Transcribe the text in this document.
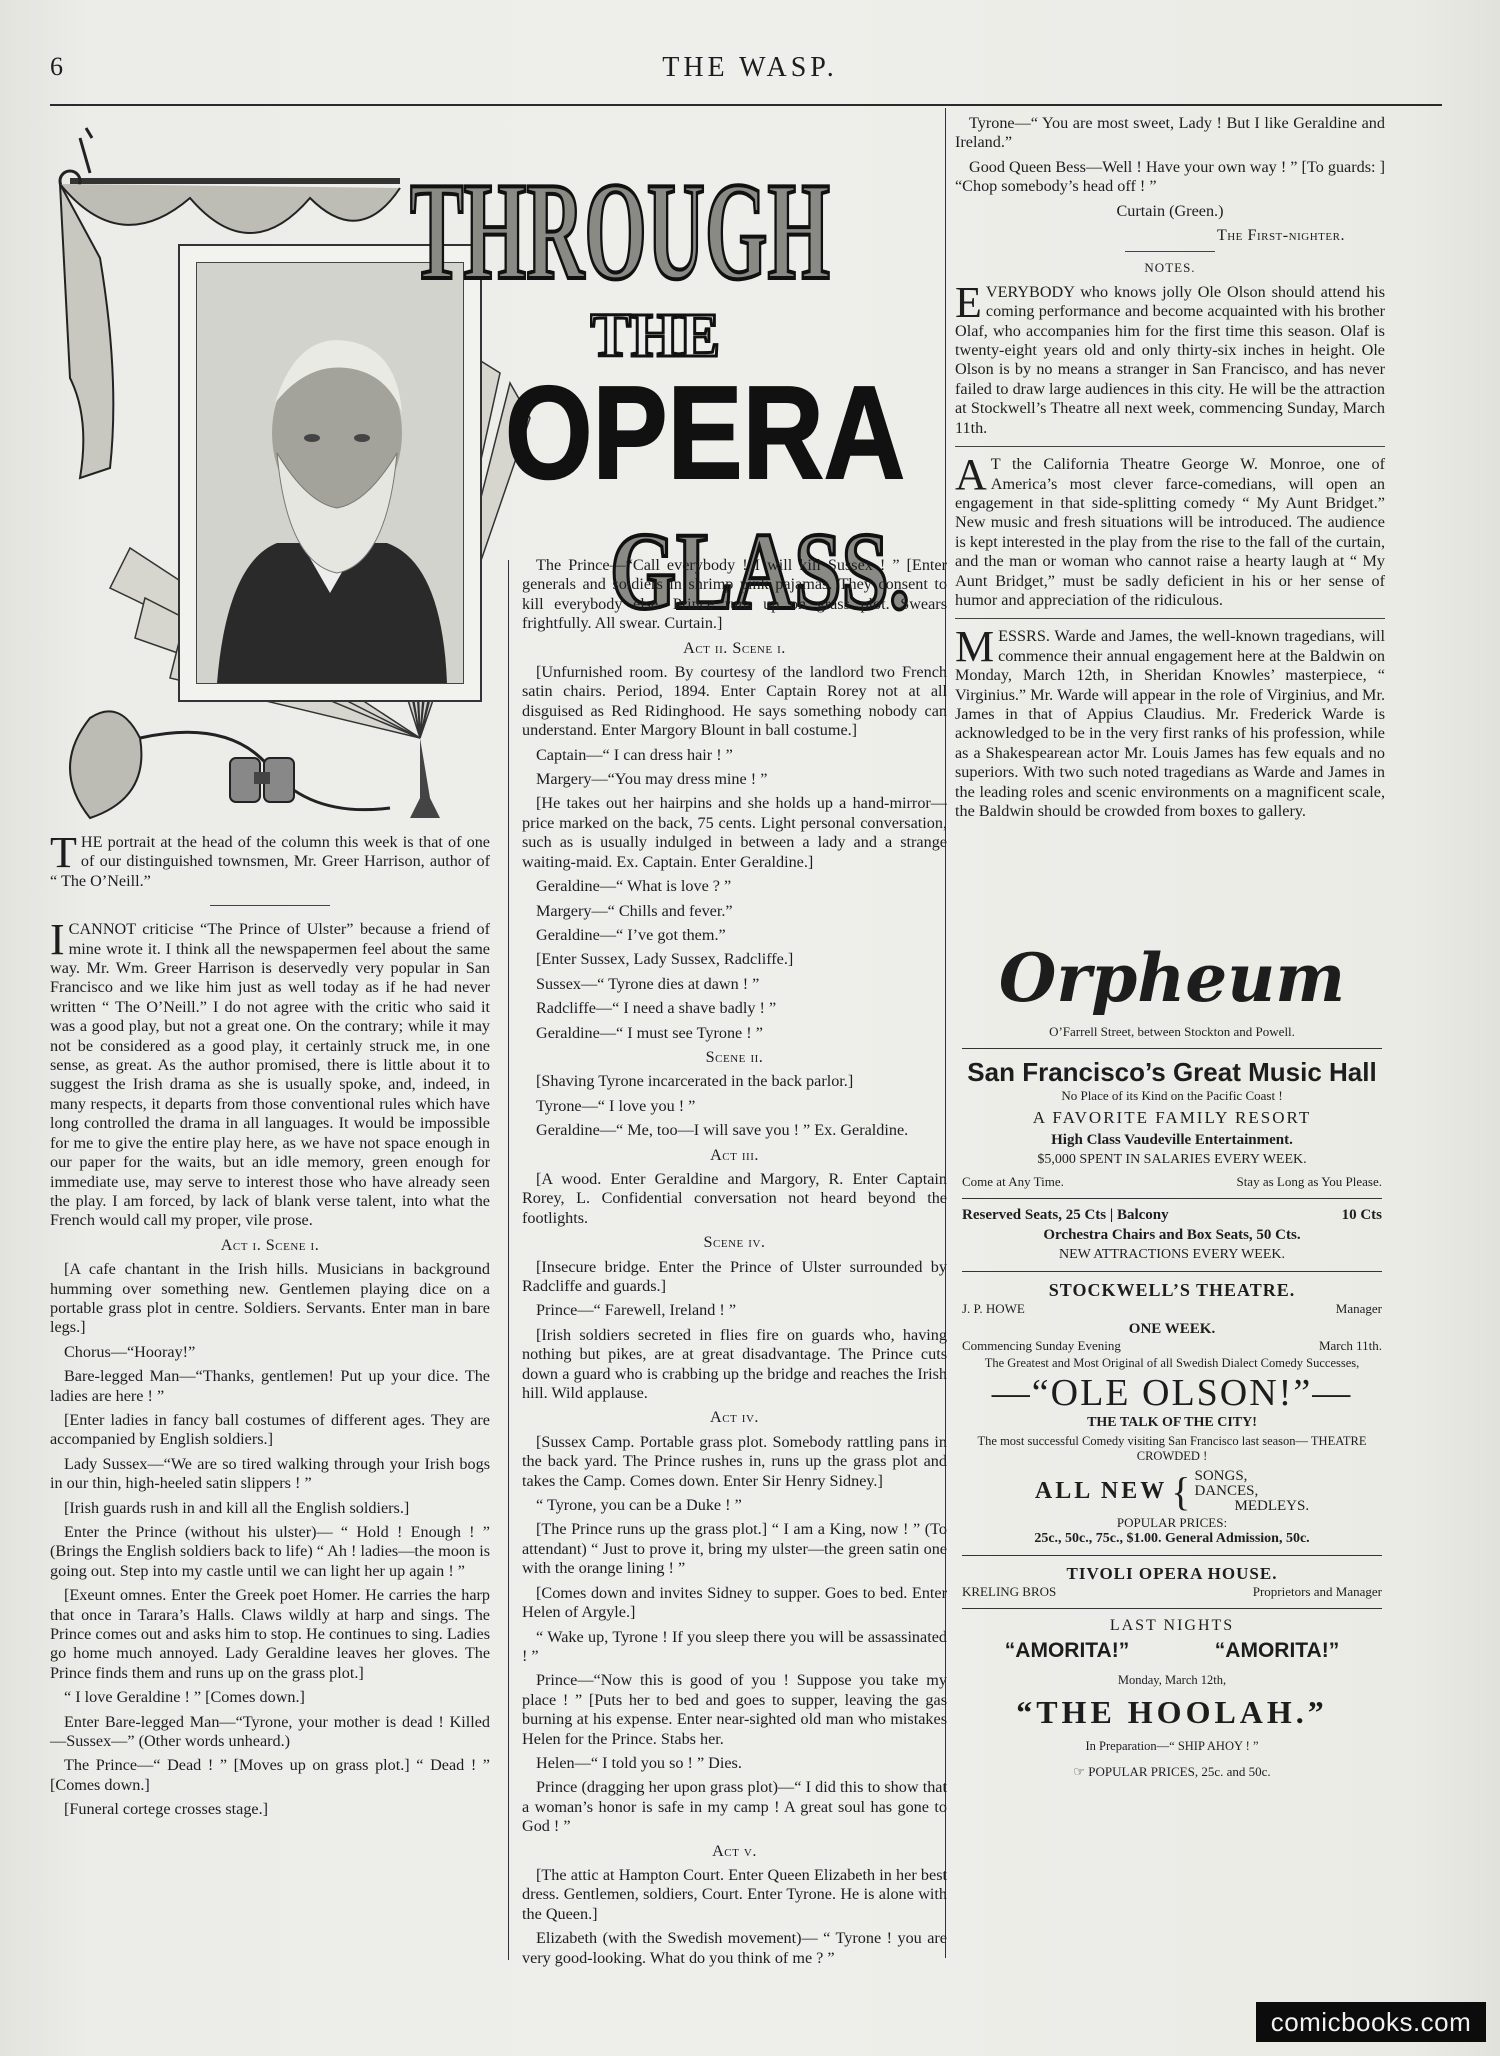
6	THE WASP.
THROUGH
THE
OPERA
GLASS.

THE portrait at the head of the column this week is that of one of our distinguished townsmen, Mr. Greer Harrison, author of “ The O’Neill.”

ICANNOT criticise “The Prince of Ulster” because a friend of mine wrote it. I think all the newspapermen feel about the same way. Mr. Wm. Greer Harrison is deservedly very popular in San Francisco and we like him just as well today as if he had never written “ The O’Neill.” I do not agree with the critic who said it was a good play, but not a great one. On the contrary; while it may not be considered as a good play, it certainly struck me, in one sense, as great. As the author promised, there is little about it to suggest the Irish drama as she is usually spoke, and, indeed, in many respects, it departs from those conventional rules which have long controlled the drama in all languages. It would be impossible for me to give the entire play here, as we have not space enough in our paper for the waits, but an idle memory, green enough for immediate use, may serve to interest those who have already seen the play. I am forced, by lack of blank verse talent, into what the French would call my proper, vile prose.

Act i. Scene i.

[A cafe chantant in the Irish hills. Musicians in background humming over something new. Gentlemen playing dice on a portable grass plot in centre. Soldiers. Servants. Enter man in bare legs.]

Chorus—“Hooray!”

Bare-legged Man—“Thanks, gentlemen! Put up your dice. The ladies are here ! ”

[Enter ladies in fancy ball costumes of different ages. They are accompanied by English soldiers.]

Lady Sussex—“We are so tired walking through your Irish bogs in our thin, high-heeled satin slippers ! ”

[Irish guards rush in and kill all the English soldiers.]

Enter the Prince (without his ulster)— “ Hold ! Enough ! ” (Brings the English soldiers back to life) “ Ah ! ladies—the moon is going out. Step into my castle until we can light her up again ! ”

[Exeunt omnes. Enter the Greek poet Homer. He carries the harp that once in Tarara’s Halls. Claws wildly at harp and sings. The Prince comes out and asks him to stop. He continues to sing. Ladies go home much annoyed. Lady Geraldine leaves her gloves. The Prince finds them and runs up on the grass plot.]

“ I love Geraldine ! ” [Comes down.]

Enter Bare-legged Man—“Tyrone, your mother is dead ! Killed—Sussex—” (Other words unheard.)

The Prince—“ Dead ! ” [Moves up on grass plot.] “ Dead ! ” [Comes down.]

[Funeral cortege crosses stage.]

The Prince—“Call everybody ! I will kill Sussex ! ” [Enter generals and soldiers in shrimp pink pajamas. They consent to kill everybody else. Prince runs up on grass plot. Swears frightfully. All swear. Curtain.]

Act ii. Scene i.

[Unfurnished room. By courtesy of the landlord two French satin chairs. Period, 1894. Enter Captain Rorey not at all disguised as Red Ridinghood. He says something nobody can understand. Enter Margory Blount in ball costume.]

Captain—“ I can dress hair ! ”

Margery—“You may dress mine ! ”

[He takes out her hairpins and she holds up a hand-mirror—price marked on the back, 75 cents. Light personal conversation, such as is usually indulged in between a lady and a strange waiting-maid. Ex. Captain. Enter Geraldine.]

Geraldine—“ What is love ? ”

Margery—“ Chills and fever.”

Geraldine—“ I’ve got them.”

[Enter Sussex, Lady Sussex, Radcliffe.]

Sussex—“ Tyrone dies at dawn ! ”

Radcliffe—“ I need a shave badly ! ”

Geraldine—“ I must see Tyrone ! ”

Scene ii.

[Shaving Tyrone incarcerated in the back parlor.]

Tyrone—“ I love you ! ”

Geraldine—“ Me, too—I will save you ! ” Ex. Geraldine.

Act iii.

[A wood. Enter Geraldine and Margory, R. Enter Captain Rorey, L. Confidential conversation not heard beyond the footlights.

Scene iv.

[Insecure bridge. Enter the Prince of Ulster surrounded by Radcliffe and guards.]

Prince—“ Farewell, Ireland ! ”

[Irish soldiers secreted in flies fire on guards who, having nothing but pikes, are at great disadvantage. The Prince cuts down a guard who is crabbing up the bridge and reaches the Irish hill. Wild applause.

Act iv.

[Sussex Camp. Portable grass plot. Somebody rattling pans in the back yard. The Prince rushes in, runs up the grass plot and takes the Camp. Comes down. Enter Sir Henry Sidney.]

“ Tyrone, you can be a Duke ! ”

[The Prince runs up the grass plot.] “ I am a King, now ! ” (To attendant) “ Just to prove it, bring my ulster—the green satin one with the orange lining ! ”

[Comes down and invites Sidney to supper. Goes to bed. Enter Helen of Argyle.]

“ Wake up, Tyrone ! If you sleep there you will be assassinated ! ”

Prince—“Now this is good of you ! Suppose you take my place ! ” [Puts her to bed and goes to supper, leaving the gas burning at his expense. Enter near-sighted old man who mistakes Helen for the Prince. Stabs her.

Helen—“ I told you so ! ” Dies.

Prince (dragging her upon grass plot)—“ I did this to show that a woman’s honor is safe in my camp ! A great soul has gone to God ! ”

Act v.

[The attic at Hampton Court. Enter Queen Elizabeth in her best dress. Gentlemen, soldiers, Court. Enter Tyrone. He is alone with the Queen.]

Elizabeth (with the Swedish movement)— “ Tyrone ! you are very good-looking. What do you think of me ? ”

Tyrone—“ You are most sweet, Lady ! But I like Geraldine and Ireland.”

Good Queen Bess—Well ! Have your own way ! ” [To guards: ] “Chop somebody’s head off ! ”

Curtain (Green.)

The First-nighter.

NOTES.

EVERYBODY who knows jolly Ole Olson should attend his coming performance and become acquainted with his brother Olaf, who accompanies him for the first time this season. Olaf is twenty-eight years old and only thirty-six inches in height. Ole Olson is by no means a stranger in San Francisco, and has never failed to draw large audiences in this city. He will be the attraction at Stockwell’s Theatre all next week, commencing Sunday, March 11th.

A T the California Theatre George W. Monroe, one of America’s most clever farce-comedians, will open an engagement in that side-splitting comedy “ My Aunt Bridget.” New music and fresh situations will be introduced. The audience is kept interested in the play from the rise to the fall of the curtain, and the man or woman who cannot raise a hearty laugh at “ My Aunt Bridget,” must be sadly deficient in his or her sense of humor and appreciation of the ridiculous.

MESSRS. Warde and James, the well-known tragedians, will commence their annual engagement here at the Baldwin on Monday, March 12th, in Sheridan Knowles’ masterpiece, “ Virginius.” Mr. Warde will appear in the role of Virginius, and Mr. James in that of Appius Claudius. Mr. Frederick Warde is acknowledged to be in the very first ranks of his profession, while as a Shakespearean actor Mr. Louis James has few equals and no superiors. With two such noted tragedians as Warde and James in the leading roles and scenic environments on a magnificent scale, the Baldwin should be crowded from boxes to gallery.

Orpheum
O’Farrell Street, between Stockton and Powell.
San Francisco’s Great Music Hall
No Place of its Kind on the Pacific Coast !
A FAVORITE FAMILY RESORT
High Class Vaudeville Entertainment.
$5,000 SPENT IN SALARIES EVERY WEEK.
Come at Any Time.	Stay as Long as You Please.
Reserved Seats, 25 Cts | Balcony	10 Cts
Orchestra Chairs and Box Seats, 50 Cts.
NEW ATTRACTIONS EVERY WEEK.
STOCKWELL’S THEATRE.
J. P. HOWE	Manager
ONE WEEK.
Commencing Sunday Evening	March 11th.
The Greatest and Most Original of all Swedish Dialect Comedy Successes,
—“OLE OLSON!”—
THE TALK OF THE CITY!
The most successful Comedy visiting San Francisco last season— THEATRE CROWDED !
ALL NEW { SONGS,
DANCES,
MEDLEYS.
POPULAR PRICES:
25c., 50c., 75c., $1.00. General Admission, 50c.
TIVOLI OPERA HOUSE.
KRELING BROS	Proprietors and Manager
LAST NIGHTS
“AMORITA!”	“AMORITA!”
Monday, March 12th,
“THE HOOLAH.”
In Preparation—“ SHIP AHOY ! ”
☞ POPULAR PRICES, 25c. and 50c.
comicbooks.com
